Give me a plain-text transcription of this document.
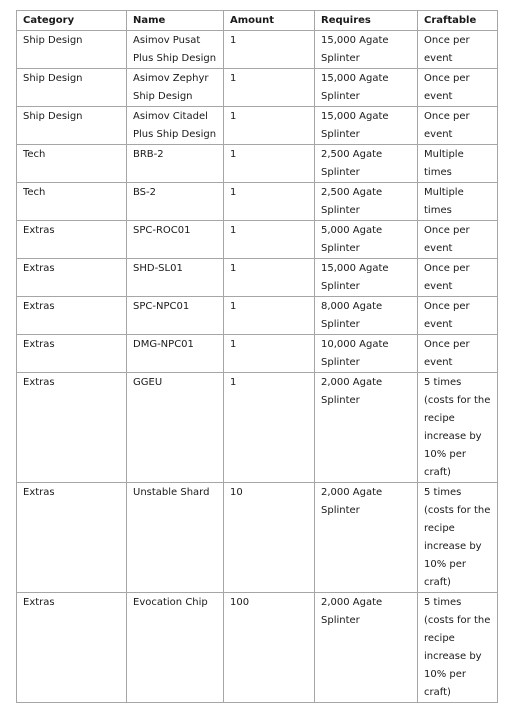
Category	Name	Amount	Requires	Craftable
Ship Design	Asimov Pusat Plus Ship Design	1	15,000 Agate Splinter	Once per event
Ship Design	Asimov Zephyr Ship Design	1	15,000 Agate Splinter	Once per event
Ship Design	Asimov Citadel Plus Ship Design	1	15,000 Agate Splinter	Once per event
Tech	BRB-2	1	2,500 Agate Splinter	Multiple times
Tech	BS-2	1	2,500 Agate Splinter	Multiple times
Extras	SPC-ROC01	1	5,000 Agate Splinter	Once per event
Extras	SHD-SL01	1	15,000 Agate Splinter	Once per event
Extras	SPC-NPC01	1	8,000 Agate Splinter	Once per event
Extras	DMG-NPC01	1	10,000 Agate Splinter	Once per event
Extras	GGEU	1	2,000 Agate Splinter	5 times (costs for the recipe increase by 10% per craft)
Extras	Unstable Shard	10	2,000 Agate Splinter	5 times (costs for the recipe increase by 10% per craft)
Extras	Evocation Chip	100	2,000 Agate Splinter	5 times (costs for the recipe increase by 10% per craft)
